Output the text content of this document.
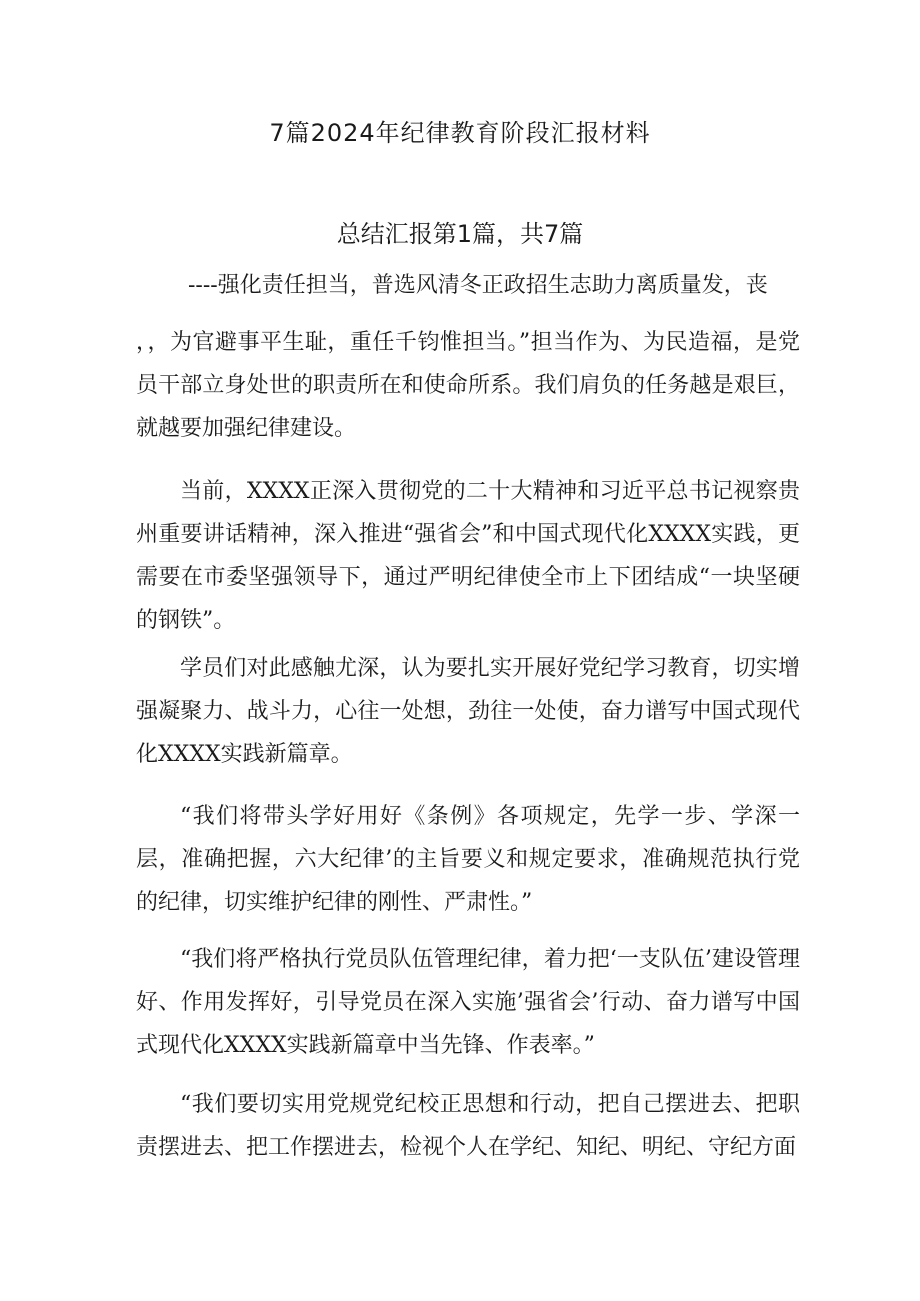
7篇2024年纪律教育阶段汇报材料
总结汇报第1篇，共7篇

----强化责任担当，普选风清冬正政招生志助力离质量发，丧

，，为官避事平生耻，重任千钧惟担当。”担当作为、为民造福，是党员干部立身处世的职责所在和使命所系。我们肩负的任务越是艰巨，就越要加强纪律建设。

当前，XXXX正深入贯彻党的二十大精神和习近平总书记视察贵州重要讲话精神，深入推进“强省会”和中国式现代化XXXX实践，更需要在市委坚强领导下，通过严明纪律使全市上下团结成“一块坚硬的钢铁”。

学员们对此感触尤深，认为要扎实开展好党纪学习教育，切实增强凝聚力、战斗力，心往一处想，劲往一处使，奋力谱写中国式现代化XXXX实践新篇章。

“我们将带头学好用好《条例》各项规定，先学一步、学深一层，准确把握，六大纪律’的主旨要义和规定要求，准确规范执行党的纪律，切实维护纪律的刚性、严肃性。”

“我们将严格执行党员队伍管理纪律，着力把‘一支队伍’建设管理好、作用发挥好，引导党员在深入实施’强省会’行动、奋力谱写中国式现代化XXXX实践新篇章中当先锋、作表率。”

“我们要切实用党规党纪校正思想和行动，把自己摆进去、把职责摆进去、把工作摆进去，检视个人在学纪、知纪、明纪、守纪方面
